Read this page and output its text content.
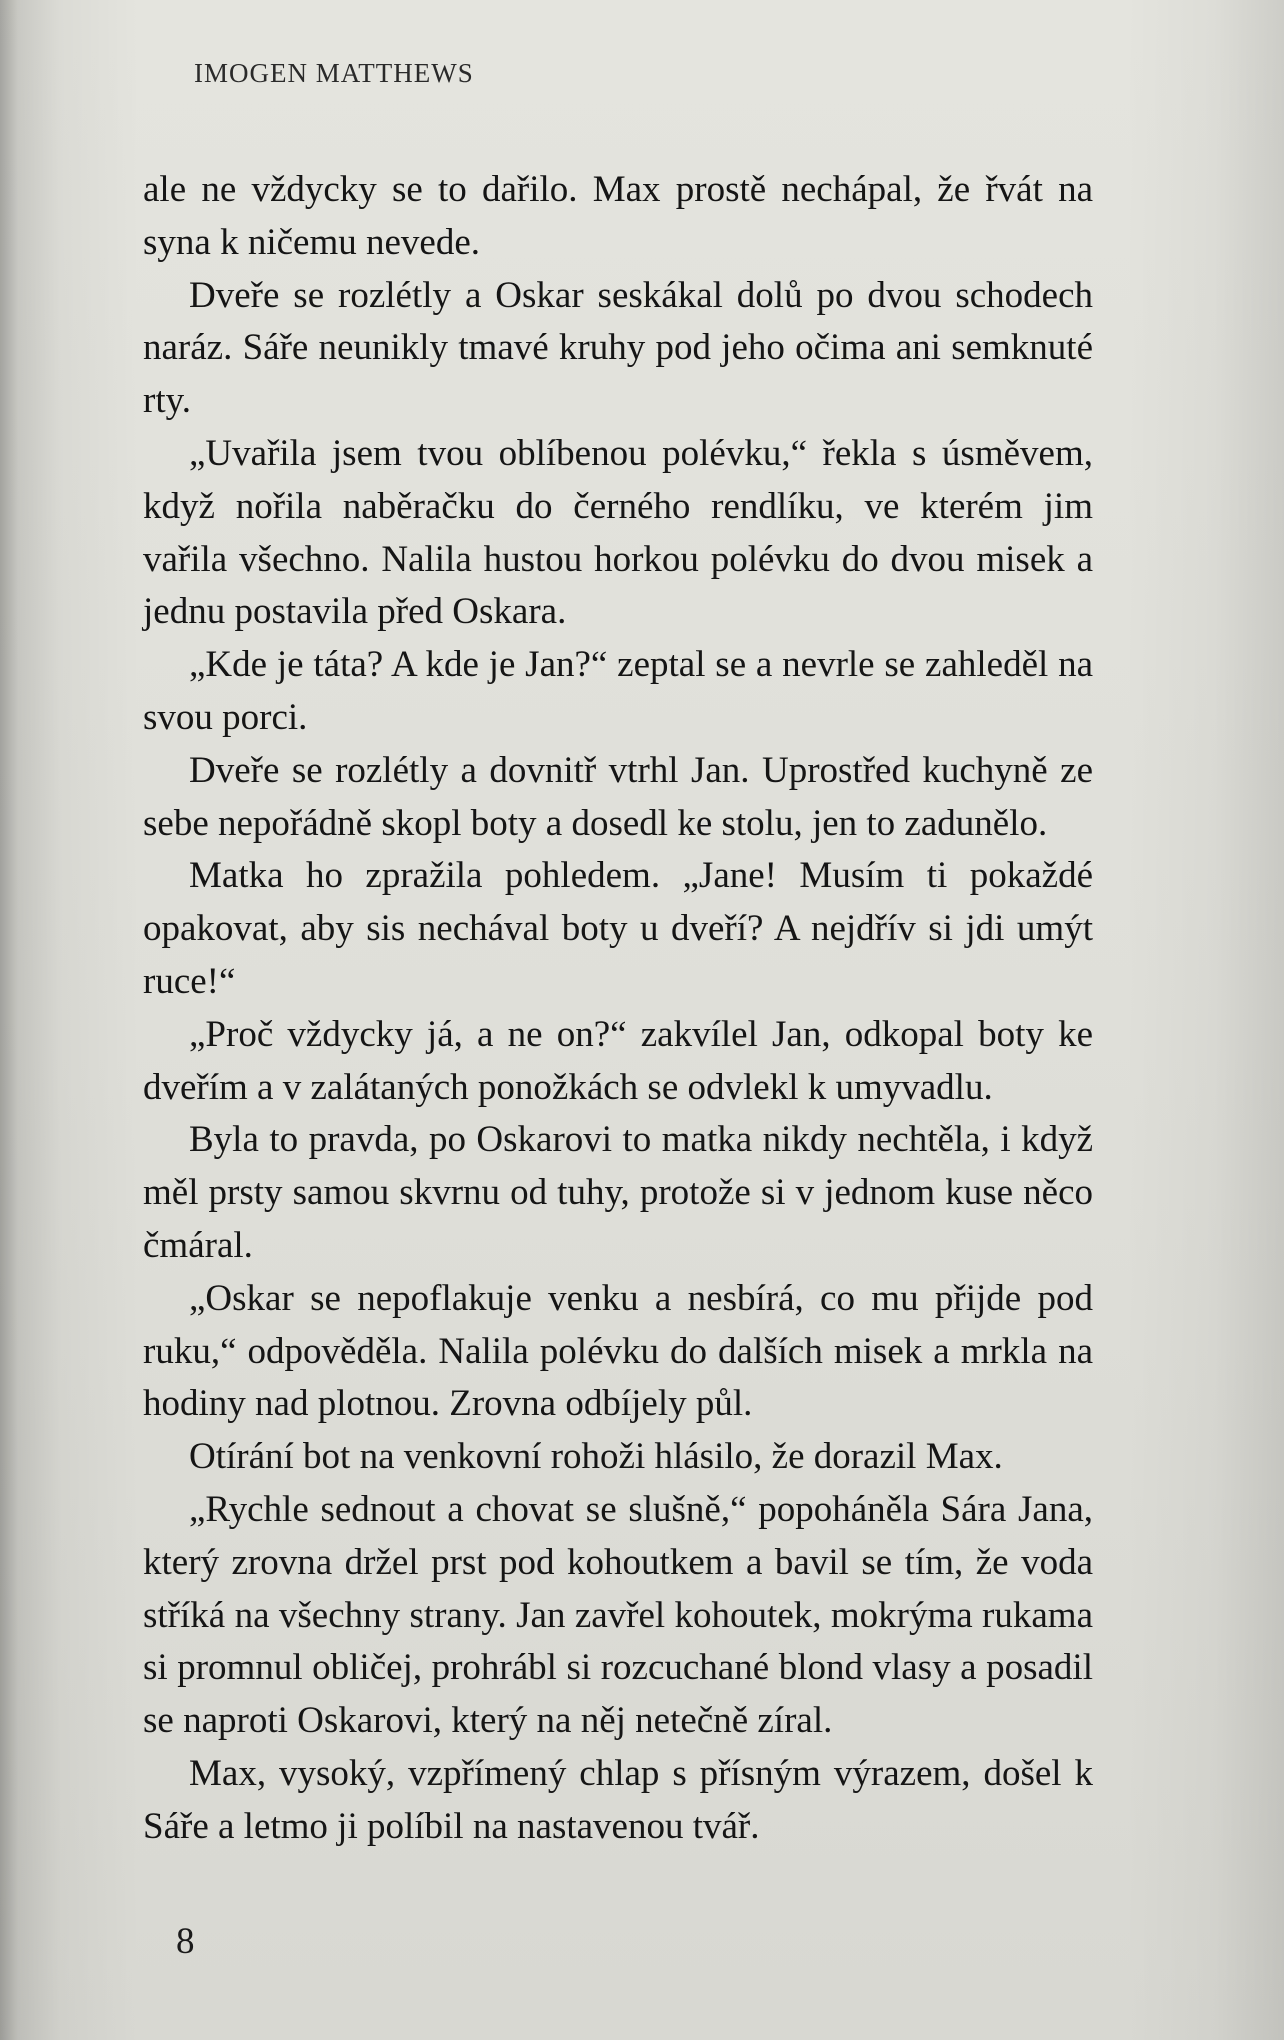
IMOGEN MATTHEWS

ale ne vždycky se to dařilo. Max prostě nechápal, že řvát na syna k ničemu nevede.

Dveře se rozlétly a Oskar seskákal dolů po dvou schodech naráz. Sáře neunikly tmavé kruhy pod jeho očima ani semknuté rty.

„Uvařila jsem tvou oblíbenou polévku,“ řekla s úsměvem, když nořila naběračku do černého rendlíku, ve kterém jim vařila všechno. Nalila hustou horkou polévku do dvou misek a jednu postavila před Oskara.

„Kde je táta? A kde je Jan?“ zeptal se a nevrle se zahleděl na svou porci.

Dveře se rozlétly a dovnitř vtrhl Jan. Uprostřed kuchyně ze sebe nepořádně skopl boty a dosedl ke stolu, jen to zadunělo.

Matka ho zpražila pohledem. „Jane! Musím ti pokaždé opakovat, aby sis nechával boty u dveří? A nejdřív si jdi umýt ruce!“

„Proč vždycky já, a ne on?“ zakvílel Jan, odkopal boty ke dveřím a v zalátaných ponožkách se odvlekl k umyvadlu.

Byla to pravda, po Oskarovi to matka nikdy nechtěla, i když měl prsty samou skvrnu od tuhy, protože si v jednom kuse něco čmáral.

„Oskar se nepoflakuje venku a nesbírá, co mu přijde pod ruku,“ odpověděla. Nalila polévku do dalších misek a mrkla na hodiny nad plotnou. Zrovna odbíjely půl.

Otírání bot na venkovní rohoži hlásilo, že dorazil Max.

„Rychle sednout a chovat se slušně,“ popoháněla Sára Jana, který zrovna držel prst pod kohoutkem a bavil se tím, že voda stříká na všechny strany. Jan zavřel kohoutek, mokrýma rukama si promnul obličej, prohrábl si rozcuchané blond vlasy a posadil se naproti Oskarovi, který na něj netečně zíral.

Max, vysoký, vzpřímený chlap s přísným výrazem, došel k Sáře a letmo ji políbil na nastavenou tvář.

8
